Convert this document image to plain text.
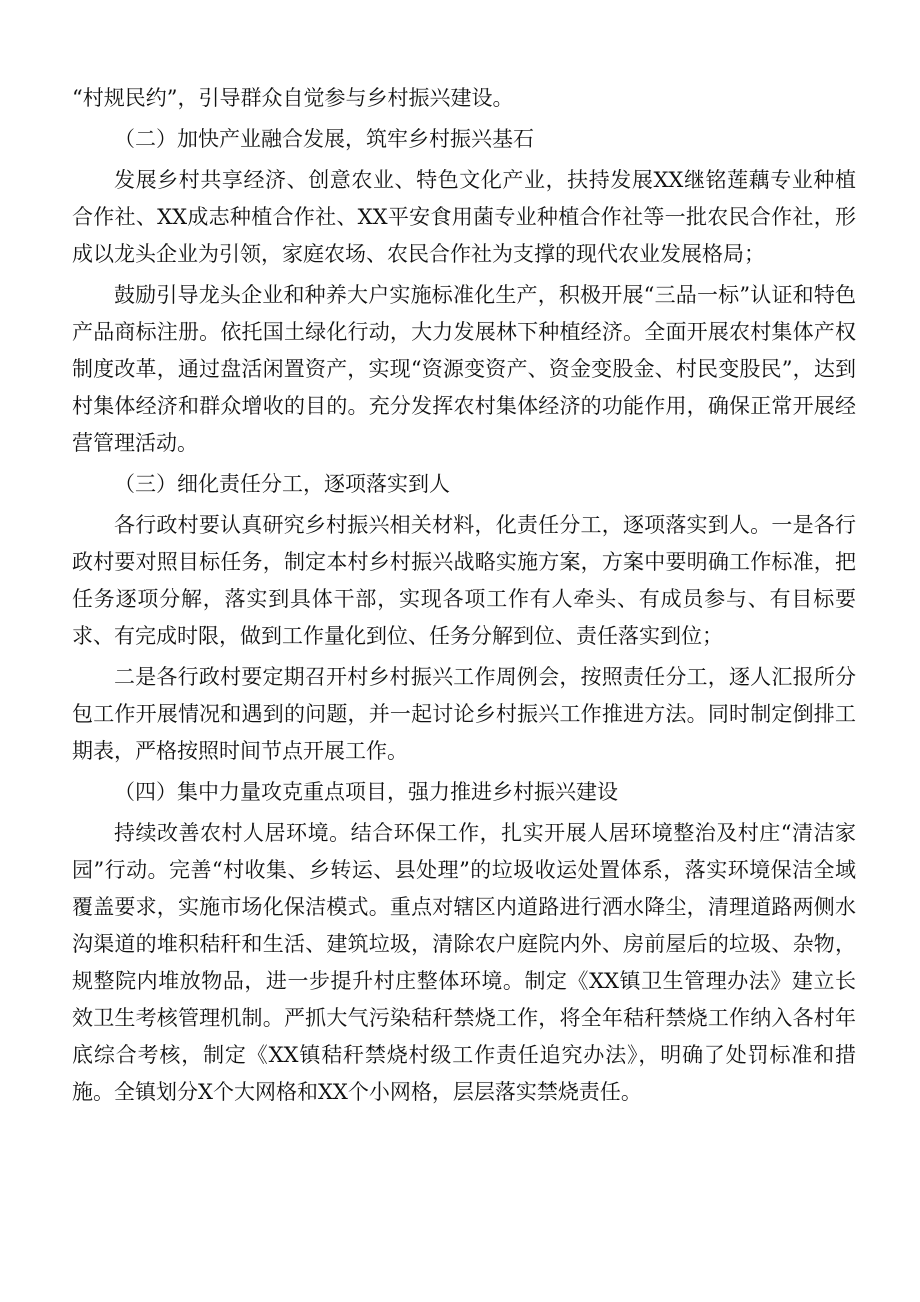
“村规民约”，引导群众自觉参与乡村振兴建设。

（二）加快产业融合发展，筑牢乡村振兴基石

发展乡村共享经济、创意农业、特色文化产业，扶持发展XX继铭莲藕专业种植合作社、XX成志种植合作社、XX平安食用菌专业种植合作社等一批农民合作社，形成以龙头企业为引领，家庭农场、农民合作社为支撑的现代农业发展格局；

鼓励引导龙头企业和种养大户实施标准化生产，积极开展“三品一标”认证和特色产品商标注册。依托国土绿化行动，大力发展林下种植经济。全面开展农村集体产权制度改革，通过盘活闲置资产，实现“资源变资产、资金变股金、村民变股民”，达到村集体经济和群众增收的目的。充分发挥农村集体经济的功能作用，确保正常开展经营管理活动。

（三）细化责任分工，逐项落实到人

各行政村要认真研究乡村振兴相关材料，化责任分工，逐项落实到人。一是各行政村要对照目标任务，制定本村乡村振兴战略实施方案，方案中要明确工作标准，把任务逐项分解，落实到具体干部，实现各项工作有人牵头、有成员参与、有目标要求、有完成时限，做到工作量化到位、任务分解到位、责任落实到位；

二是各行政村要定期召开村乡村振兴工作周例会，按照责任分工，逐人汇报所分包工作开展情况和遇到的问题，并一起讨论乡村振兴工作推进方法。同时制定倒排工期表，严格按照时间节点开展工作。

（四）集中力量攻克重点项目，强力推进乡村振兴建设

持续改善农村人居环境。结合环保工作，扎实开展人居环境整治及村庄“清洁家园”行动。完善“村收集、乡转运、县处理”的垃圾收运处置体系，落实环境保洁全域覆盖要求，实施市场化保洁模式。重点对辖区内道路进行洒水降尘，清理道路两侧水沟渠道的堆积秸秆和生活、建筑垃圾，清除农户庭院内外、房前屋后的垃圾、杂物，规整院内堆放物品，进一步提升村庄整体环境。制定《XX镇卫生管理办法》建立长效卫生考核管理机制。严抓大气污染秸秆禁烧工作，将全年秸秆禁烧工作纳入各村年底综合考核，制定《XX镇秸秆禁烧村级工作责任追究办法》，明确了处罚标准和措施。全镇划分X个大网格和XX个小网格，层层落实禁烧责任。
